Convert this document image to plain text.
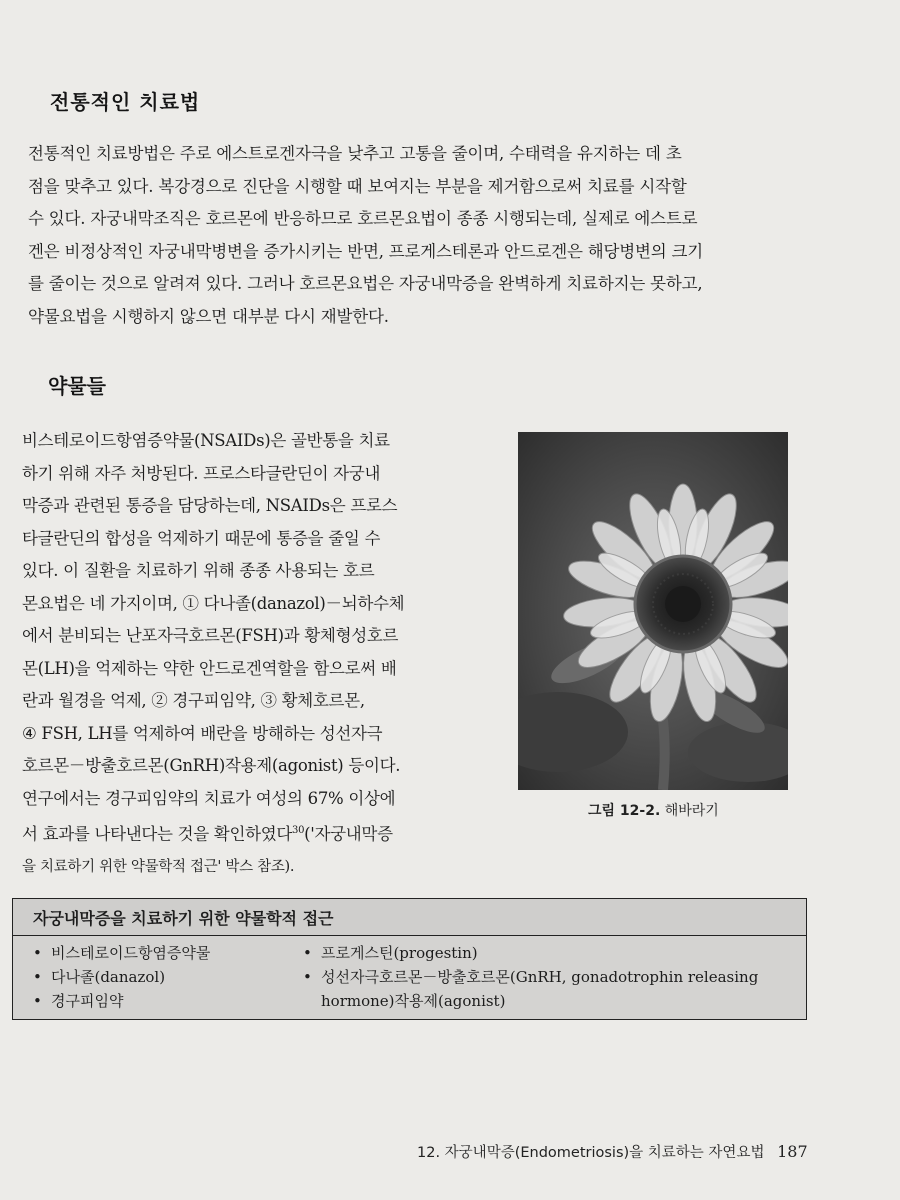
전통적인 치료법

전통적인 치료방법은 주로 에스트로겐자극을 낮추고 고통을 줄이며, 수태력을 유지하는 데 초
점을 맞추고 있다. 복강경으로 진단을 시행할 때 보여지는 부분을 제거함으로써 치료를 시작할
수 있다. 자궁내막조직은 호르몬에 반응하므로 호르몬요법이 종종 시행되는데, 실제로 에스트로
겐은 비정상적인 자궁내막병변을 증가시키는 반면, 프로게스테론과 안드로겐은 해당병변의 크기
를 줄이는 것으로 알려져 있다. 그러나 호르몬요법은 자궁내막증을 완벽하게 치료하지는 못하고,
약물요법을 시행하지 않으면 대부분 다시 재발한다.

약물들

비스테로이드항염증약물(NSAIDs)은 골반통을 치료
하기 위해 자주 처방된다. 프로스타글란딘이 자궁내
막증과 관련된 통증을 담당하는데, NSAIDs은 프로스
타글란딘의 합성을 억제하기 때문에 통증을 줄일 수
있다. 이 질환을 치료하기 위해 종종 사용되는 호르
몬요법은 네 가지이며, ① 다나졸(danazol)－뇌하수체
에서 분비되는 난포자극호르몬(FSH)과 황체형성호르
몬(LH)을 억제하는 약한 안드로겐역할을 함으로써 배
란과 월경을 억제, ② 경구피임약, ③ 황체호르몬,
④ FSH, LH를 억제하여 배란을 방해하는 성선자극
호르몬－방출호르몬(GnRH)작용제(agonist) 등이다.
연구에서는 경구피임약의 치료가 여성의 67% 이상에
서 효과를 나타낸다는 것을 확인하였다$^{30}$('자궁내막증
을 치료하기 위한 약물학적 접근' 박스 참조).

그림 12-2. 해바라기
자궁내막증을 치료하기 위한 약물학적 접근
• 비스테로이드항염증약물
• 다나졸(danazol)
• 경구피임약
• 프로게스틴(progestin)
• 성선자극호르몬－방출호르몬(GnRH, gonadotrophin releasing
hormone)작용제(agonist)
12. 자궁내막증(Endometriosis)을 치료하는 자연요법 187
